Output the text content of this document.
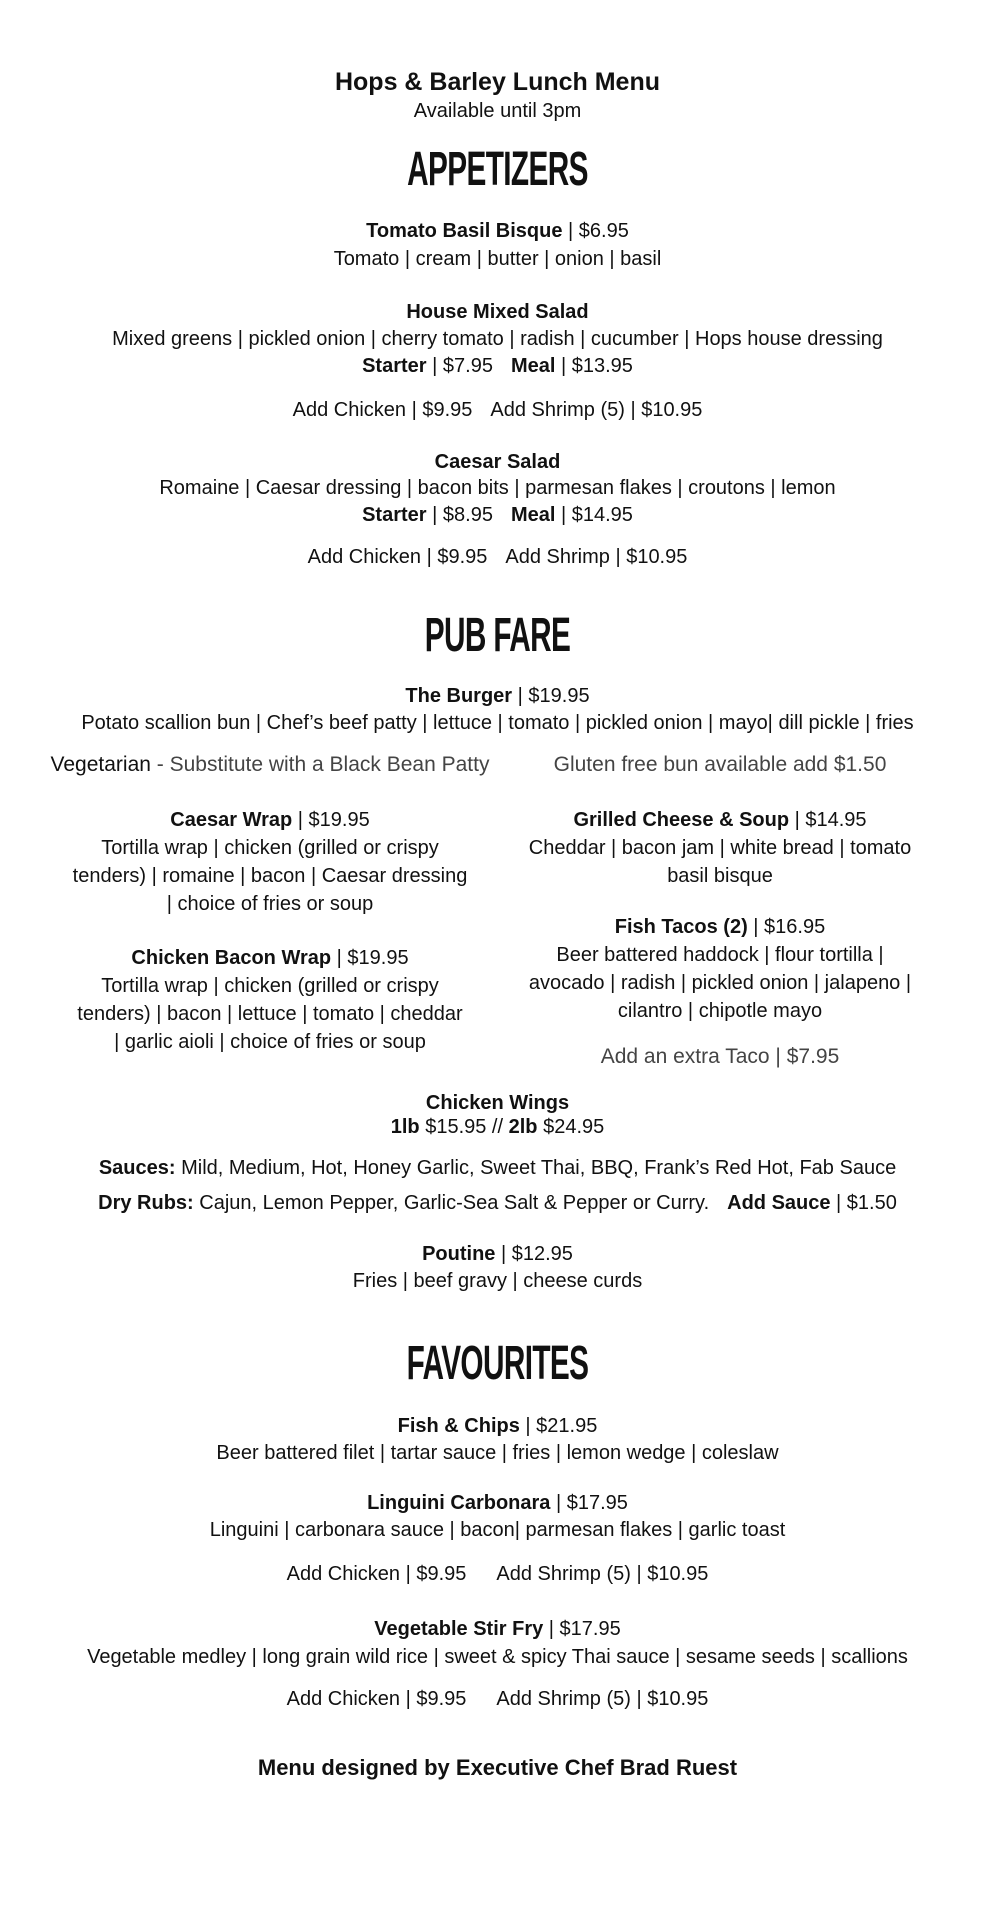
Hops & Barley Lunch Menu
Available until 3pm
APPETIZERS
Tomato Basil Bisque | $6.95
Tomato | cream | butter | onion | basil
House Mixed Salad
Mixed greens | pickled onion | cherry tomato | radish | cucumber | Hops house dressing
Starter | $7.95 Meal | $13.95
Add Chicken | $9.95 Add Shrimp (5) | $10.95
Caesar Salad
Romaine | Caesar dressing | bacon bits | parmesan flakes | croutons | lemon
Starter | $8.95 Meal | $14.95
Add Chicken | $9.95 Add Shrimp | $10.95
PUB FARE
The Burger | $19.95
Potato scallion bun | Chef’s beef patty | lettuce | tomato | pickled onion | mayo| dill pickle | fries
Vegetarian - Substitute with a Black Bean Patty	Gluten free bun available add $1.50
Caesar Wrap | $19.95
Tortilla wrap | chicken (grilled or crispy
tenders) | romaine | bacon | Caesar dressing
| choice of fries or soup
Chicken Bacon Wrap | $19.95
Tortilla wrap | chicken (grilled or crispy
tenders) | bacon | lettuce | tomato | cheddar
| garlic aioli | choice of fries or soup
Grilled Cheese & Soup | $14.95
Cheddar | bacon jam | white bread | tomato
basil bisque
Fish Tacos (2) | $16.95
Beer battered haddock | flour tortilla |
avocado | radish | pickled onion | jalapeno |
cilantro | chipotle mayo
Add an extra Taco | $7.95
Chicken Wings
1lb $15.95 // 2lb $24.95
Sauces: Mild, Medium, Hot, Honey Garlic, Sweet Thai, BBQ, Frank’s Red Hot, Fab Sauce
Dry Rubs: Cajun, Lemon Pepper, Garlic-Sea Salt & Pepper or Curry. Add Sauce | $1.50
Poutine | $12.95
Fries | beef gravy | cheese curds
FAVOURITES
Fish & Chips | $21.95
Beer battered filet | tartar sauce | fries | lemon wedge | coleslaw
Linguini Carbonara | $17.95
Linguini | carbonara sauce | bacon| parmesan flakes | garlic toast
Add Chicken | $9.95 Add Shrimp (5) | $10.95
Vegetable Stir Fry | $17.95
Vegetable medley | long grain wild rice | sweet & spicy Thai sauce | sesame seeds | scallions
Add Chicken | $9.95 Add Shrimp (5) | $10.95
Menu designed by Executive Chef Brad Ruest
